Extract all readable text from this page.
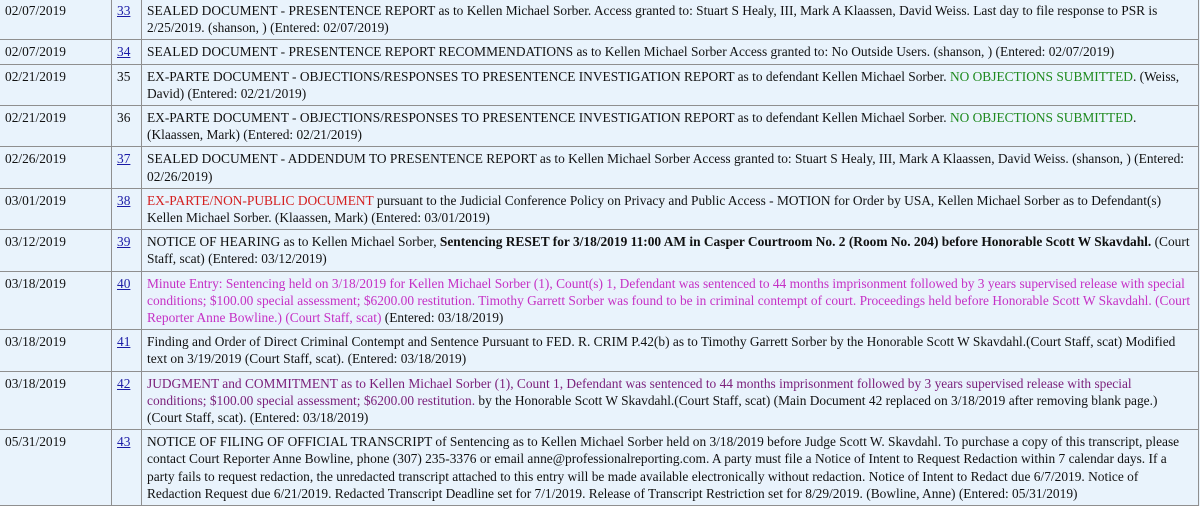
02/07/2019	33	SEALED DOCUMENT - PRESENTENCE REPORT as to Kellen Michael Sorber. Access granted to: Stuart S Healy, III, Mark A Klaassen, David Weiss. Last day to file response to PSR is 2/25/2019. (shanson, ) (Entered: 02/07/2019)
02/07/2019	34	SEALED DOCUMENT - PRESENTENCE REPORT RECOMMENDATIONS as to Kellen Michael Sorber Access granted to: No Outside Users. (shanson, ) (Entered: 02/07/2019)
02/21/2019	35	EX-PARTE DOCUMENT - OBJECTIONS/RESPONSES TO PRESENTENCE INVESTIGATION REPORT as to defendant Kellen Michael Sorber. NO OBJECTIONS SUBMITTED. (Weiss, David) (Entered: 02/21/2019)
02/21/2019	36	EX-PARTE DOCUMENT - OBJECTIONS/RESPONSES TO PRESENTENCE INVESTIGATION REPORT as to defendant Kellen Michael Sorber. NO OBJECTIONS SUBMITTED. (Klaassen, Mark) (Entered: 02/21/2019)
02/26/2019	37	SEALED DOCUMENT - ADDENDUM TO PRESENTENCE REPORT as to Kellen Michael Sorber Access granted to: Stuart S Healy, III, Mark A Klaassen, David Weiss. (shanson, ) (Entered: 02/26/2019)
03/01/2019	38	EX-PARTE/NON-PUBLIC DOCUMENT pursuant to the Judicial Conference Policy on Privacy and Public Access - MOTION for Order by USA, Kellen Michael Sorber as to Defendant(s) Kellen Michael Sorber. (Klaassen, Mark) (Entered: 03/01/2019)
03/12/2019	39	NOTICE OF HEARING as to Kellen Michael Sorber, Sentencing RESET for 3/18/2019 11:00 AM in Casper Courtroom No. 2 (Room No. 204) before Honorable Scott W Skavdahl. (Court Staff, scat) (Entered: 03/12/2019)
03/18/2019	40	Minute Entry: Sentencing held on 3/18/2019 for Kellen Michael Sorber (1), Count(s) 1, Defendant was sentenced to 44 months imprisonment followed by 3 years supervised release with special conditions; $100.00 special assessment; $6200.00 restitution. Timothy Garrett Sorber was found to be in criminal contempt of court. Proceedings held before Honorable Scott W Skavdahl. (Court Reporter Anne Bowline.) (Court Staff, scat) (Entered: 03/18/2019)
03/18/2019	41	Finding and Order of Direct Criminal Contempt and Sentence Pursuant to FED. R. CRIM P.42(b) as to Timothy Garrett Sorber by the Honorable Scott W Skavdahl.(Court Staff, scat) Modified text on 3/19/2019 (Court Staff, scat). (Entered: 03/18/2019)
03/18/2019	42	JUDGMENT and COMMITMENT as to Kellen Michael Sorber (1), Count 1, Defendant was sentenced to 44 months imprisonment followed by 3 years supervised release with special conditions; $100.00 special assessment; $6200.00 restitution. by the Honorable Scott W Skavdahl.(Court Staff, scat) (Main Document 42 replaced on 3/18/2019 after removing blank page.) (Court Staff, scat). (Entered: 03/18/2019)
05/31/2019	43	NOTICE OF FILING OF OFFICIAL TRANSCRIPT of Sentencing as to Kellen Michael Sorber held on 3/18/2019 before Judge Scott W. Skavdahl. To purchase a copy of this transcript, please contact Court Reporter Anne Bowline, phone (307) 235-3376 or email anne@professionalreporting.com. A party must file a Notice of Intent to Request Redaction within 7 calendar days. If a party fails to request redaction, the unredacted transcript attached to this entry will be made available electronically without redaction. Notice of Intent to Redact due 6/7/2019. Notice of Redaction Request due 6/21/2019. Redacted Transcript Deadline set for 7/1/2019. Release of Transcript Restriction set for 8/29/2019. (Bowline, Anne) (Entered: 05/31/2019)
